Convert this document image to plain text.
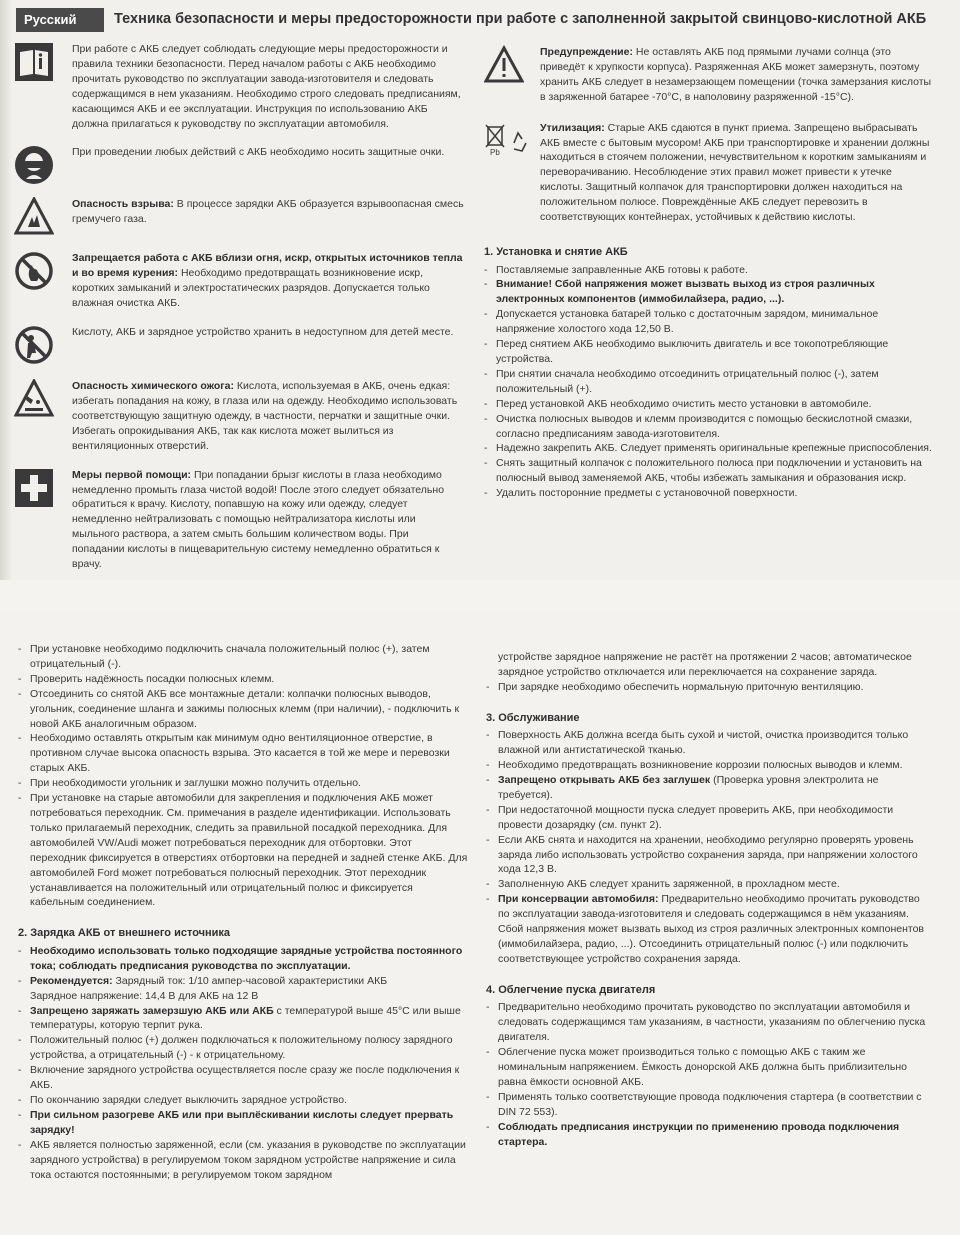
Русский	Техника безопасности и меры предосторожности при работе с заполненной закрытой свинцово-кислотной АКБ

При работе с АКБ следует соблюдать следующие меры предосторожности и правила техники безопасности. Перед началом работы с АКБ необходимо прочитать руководство по эксплуатации завода-изготовителя и следовать содержащимся в нем указаниям. Необходимо строго следовать предписаниям, касающимся АКБ и ее эксплуатации. Инструкция по использованию АКБ должна прилагаться к руководству по эксплуатации автомобиля.

При проведении любых действий с АКБ необходимо носить защитные очки.

Опасность взрыва: В процессе зарядки АКБ образуется взрывоопасная смесь гремучего газа.

Запрещается работа с АКБ вблизи огня, искр, открытых источников тепла и во время курения: Необходимо предотвращать возникновение искр, коротких замыканий и электростатических разрядов. Допускается только влажная очистка АКБ.

Кислоту, АКБ и зарядное устройство хранить в недоступном для детей месте.

Опасность химического ожога: Кислота, используемая в АКБ, очень едкая: избегать попадания на кожу, в глаза или на одежду. Необходимо использовать соответствующую защитную одежду, в частности, перчатки и защитные очки. Избегать опрокидывания АКБ, так как кислота может вылиться из вентиляционных отверстий.

Меры первой помощи: При попадании брызг кислоты в глаза необходимо немедленно промыть глаза чистой водой! После этого следует обязательно обратиться к врачу. Кислоту, попавшую на кожу или одежду, следует немедленно нейтрализовать с помощью нейтрализатора кислоты или мыльного раствора, а затем смыть большим количеством воды. При попадании кислоты в пищеварительную систему немедленно обратиться к врачу.

Предупреждение: Не оставлять АКБ под прямыми лучами солнца (это приведёт к хрупкости корпуса). Разряженная АКБ может замерзнуть, поэтому хранить АКБ следует в незамерзающем помещении (точка замерзания кислоты в заряженной батарее -70°C, в наполовину разряженной -15°C).

Pb

Утилизация: Старые АКБ сдаются в пункт приема. Запрещено выбрасывать АКБ вместе с бытовым мусором! АКБ при транспортировке и хранении должны находиться в стоячем положении, нечувствительном к коротким замыканиям и переворачиванию. Несоблюдение этих правил может привести к утечке кислоты. Защитный колпачок для транспортировки должен находиться на положительном полюсе. Повреждённые АКБ следует перевозить в соответствующих контейнерах, устойчивых к действию кислоты.

1. Установка и снятие АКБ
- Поставляемые заправленные АКБ готовы к работе.
- Внимание! Сбой напряжения может вызвать выход из строя различных электронных компонентов (иммобилайзера, радио, ...).
- Допускается установка батарей только с достаточным зарядом, минимальное напряжение холостого хода 12,50 В.
- Перед снятием АКБ необходимо выключить двигатель и все токопотребляющие устройства.
- При снятии сначала необходимо отсоединить отрицательный полюс (-), затем положительный (+).
- Перед установкой АКБ необходимо очистить место установки в автомобиле.
- Очистка полюсных выводов и клемм производится с помощью бескислотной смазки, согласно предписаниям завода-изготовителя.
- Надежно закрепить АКБ. Следует применять оригинальные крепежные приспособления.
- Снять защитный колпачок с положительного полюса при подключении и установить на полюсный вывод заменяемой АКБ, чтобы избежать замыкания и образования искр.
- Удалить посторонние предметы с установочной поверхности.
- При установке необходимо подключить сначала положительный полюс (+), затем отрицательный (-).
- Проверить надёжность посадки полюсных клемм.
- Отсоединить со снятой АКБ все монтажные детали: колпачки полюсных выводов, угольник, соединение шланга и зажимы полюсных клемм (при наличии), - подключить к новой АКБ аналогичным образом.
- Необходимо оставлять открытым как минимум одно вентиляционное отверстие, в противном случае высока опасность взрыва. Это касается в той же мере и перевозки старых АКБ.
- При необходимости угольник и заглушки можно получить отдельно.
- При установке на старые автомобили для закрепления и подключения АКБ может потребоваться переходник. См. примечания в разделе идентификации. Использовать только прилагаемый переходник, следить за правильной посадкой переходника. Для автомобилей VW/Audi может потребоваться переходник для отбортовки. Этот переходник фиксируется в отверстиях отбортовки на передней и задней стенке АКБ. Для автомобилей Ford может потребоваться полюсный переходник. Этот переходник устанавливается на положительный или отрицательный полюс и фиксируется кабельным соединением.
2. Зарядка АКБ от внешнего источника
- Необходимо использовать только подходящие зарядные устройства постоянного тока; соблюдать предписания руководства по эксплуатации.
- Рекомендуется: Зарядный ток: 1/10 ампер-часовой характеристики АКБ
Зарядное напряжение: 14,4 В для АКБ на 12 В
- Запрещено заряжать замерзшую АКБ или АКБ с температурой выше 45°C или выше температуры, которую терпит рука.
- Положительный полюс (+) должен подключаться к положительному полюсу зарядного устройства, а отрицательный (-) - к отрицательному.
- Включение зарядного устройства осуществляется после сразу же после подключения к АКБ.
- По окончанию зарядки следует выключить зарядное устройство.
- При сильном разогреве АКБ или при выплёскивании кислоты следует прервать зарядку!
- АКБ является полностью заряженной, если (см. указания в руководстве по эксплуатации зарядного устройства) в регулируемом током зарядном устройстве напряжение и сила тока остаются постоянными; в регулируемом током зарядном

устройстве зарядное напряжение не растёт на протяжении 2 часов; автоматическое зарядное устройство отключается или переключается на сохранение заряда.

- При зарядке необходимо обеспечить нормальную приточную вентиляцию.
3. Обслуживание
- Поверхность АКБ должна всегда быть сухой и чистой, очистка производится только влажной или антистатической тканью.
- Необходимо предотвращать возникновение коррозии полюсных выводов и клемм.
- Запрещено открывать АКБ без заглушек (Проверка уровня электролита не требуется).
- При недостаточной мощности пуска следует проверить АКБ, при необходимости провести дозарядку (см. пункт 2).
- Если АКБ снята и находится на хранении, необходимо регулярно проверять уровень заряда либо использовать устройство сохранения заряда, при напряжении холостого хода 12,3 В.
- Заполненную АКБ следует хранить заряженной, в прохладном месте.
- При консервации автомобиля: Предварительно необходимо прочитать руководство по эксплуатации завода-изготовителя и следовать содержащимся в нём указаниям. Сбой напряжения может вызвать выход из строя различных электронных компонентов (иммобилайзера, радио, ...). Отсоединить отрицательный полюс (-) или подключить соответствующее устройство сохранения заряда.
4. Облегчение пуска двигателя
- Предварительно необходимо прочитать руководство по эксплуатации автомобиля и следовать содержащимся там указаниям, в частности, указаниям по облегчению пуска двигателя.
- Облегчение пуска может производиться только с помощью АКБ с таким же номинальным напряжением. Ёмкость донорской АКБ должна быть приблизительно равна ёмкости основной АКБ.
- Применять только соответствующие провода подключения стартера (в соответствии с DIN 72 553).
- Соблюдать предписания инструкции по применению провода подключения стартера.
